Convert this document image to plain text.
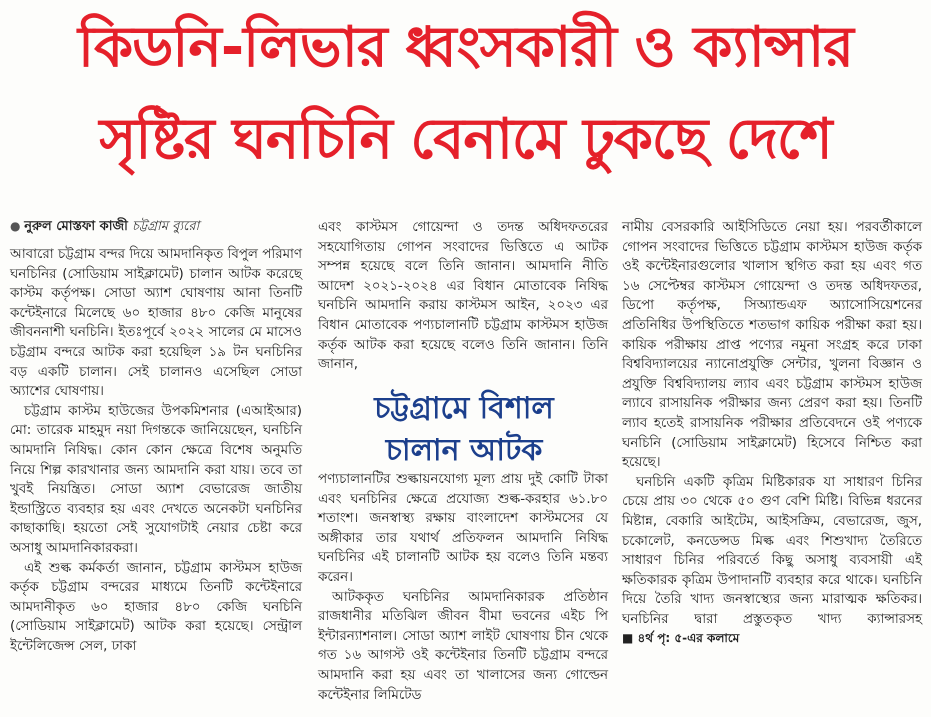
কিডনি-লিভার ধ্বংসকারী ও ক্যান্সার
সৃষ্টির ঘনচিনি বেনামে ঢুকছে দেশে
● নুরুল মোস্তফা কাজী চট্টগ্রাম ব্যুরো

আবারো চট্টগ্রাম বন্দর দিয়ে আমদানিকৃত বিপুল পরিমাণ ঘনচিনির (সোডিয়াম সাইক্লামেট) চালান আটক করেছে কাস্টম কর্তৃপক্ষ। সোডা অ্যাশ ঘোষণায় আনা তিনটি কন্টেইনারে মিলেছে ৬০ হাজার ৪৮০ কেজি মানুষের জীবননাশী ঘনচিনি। ইতঃপূর্বে ২০২২ সালের মে মাসেও চট্টগ্রাম বন্দরে আটক করা হয়েছিল ১৯ টন ঘনচিনির বড় একটি চালান। সেই চালানও এসেছিল সোডা অ্যাশের ঘোষণায়।

চট্টগ্রাম কাস্টম হাউজের উপকমিশনার (এআইআর) মো: তারেক মাহমুদ নয়া দিগন্তকে জানিয়েছেন, ঘনচিনি আমদানি নিষিদ্ধ। কোন কোন ক্ষেত্রে বিশেষ অনুমতি নিয়ে শিল্প কারখানার জন্য আমদানি করা যায়। তবে তা খুবই নিয়ন্ত্রিত। সোডা অ্যাশ বেভারেজ জাতীয় ইন্ডাস্ট্রিতে ব্যবহার হয় এবং দেখতে অনেকটা ঘনচিনির কাছাকাছি। হয়তো সেই সুযোগটাই নেয়ার চেষ্টা করে অসাধু আমদানিকারকরা।

এই শুল্ক কর্মকর্তা জানান, চট্টগ্রাম কাস্টমস হাউজ কর্তৃক চট্টগ্রাম বন্দরের মাধ্যমে তিনটি কন্টেইনারে আমদানীকৃত ৬০ হাজার ৪৮০ কেজি ঘনচিনি (সোডিয়াম সাইক্লামেট) আটক করা হয়েছে। সেন্ট্রাল ইন্টেলিজেন্স সেল, ঢাকা

এবং কাস্টমস গোয়েন্দা ও তদন্ত অধিদফতরের সহযোগিতায় গোপন সংবাদের ভিত্তিতে এ আটক সম্পন্ন হয়েছে বলে তিনি জানান। আমদানি নীতি আদেশ ২০২১-২০২৪ এর বিধান মোতাবেক নিষিদ্ধ ঘনচিনি আমদানি করায় কাস্টমস আইন, ২০২৩ এর বিধান মোতাবেক পণ্যচালানটি চট্টগ্রাম কাস্টমস হাউজ কর্তৃক আটক করা হয়েছে বলেও তিনি জানান। তিনি জানান,

চট্টগ্রামে বিশাল
চালান আটক

পণ্যচালানটির শুল্কায়নযোগ্য মূল্য প্রায় দুই কোটি টাকা এবং ঘনচিনির ক্ষেত্রে প্রযোজ্য শুল্ক-করহার ৬১.৮০ শতাংশ। জনস্বাস্থ্য রক্ষায় বাংলাদেশ কাস্টমসের যে অঙ্গীকার তার যথার্থ প্রতিফলন আমদানি নিষিদ্ধ ঘনচিনির এই চালানটি আটক হয় বলেও তিনি মন্তব্য করেন।

আটককৃত ঘনচিনির আমদানিকারক প্রতিষ্ঠান রাজধানীর মতিঝিল জীবন বীমা ভবনের এইচ পি ইন্টারন্যাশনাল। সোডা অ্যাশ লাইট ঘোষণায় চীন থেকে গত ১৬ আগস্ট ওই কন্টেইনার তিনটি চট্টগ্রাম বন্দরে আমদানি করা হয় এবং তা খালাসের জন্য গোল্ডেন কন্টেইনার লিমিটেড

নামীয় বেসরকারি আইসিডিতে নেয়া হয়। পরবর্তীকালে গোপন সংবাদের ভিত্তিতে চট্টগ্রাম কাস্টমস হাউজ কর্তৃক ওই কন্টেইনারগুলোর খালাস স্থগিত করা হয় এবং গত ১৬ সেপ্টেম্বর কাস্টমস গোয়েন্দা ও তদন্ত অধিদফতর, ডিপো কর্তৃপক্ষ, সিঅ্যান্ডএফ অ্যাসোসিয়েশনের প্রতিনিধির উপস্থিতিতে শতভাগ কায়িক পরীক্ষা করা হয়। কায়িক পরীক্ষায় প্রাপ্ত পণ্যের নমুনা সংগ্রহ করে ঢাকা বিশ্ববিদ্যালয়ের ন্যানোপ্রযুক্তি সেন্টার, খুলনা বিজ্ঞান ও প্রযুক্তি বিশ্ববিদ্যালয় ল্যাব এবং চট্টগ্রাম কাস্টমস হাউজ ল্যাবে রাসায়নিক পরীক্ষার জন্য প্রেরণ করা হয়। তিনটি ল্যাব হতেই রাসায়নিক পরীক্ষার প্রতিবেদনে ওই পণ্যকে ঘনচিনি (সোডিয়াম সাইক্লামেট) হিসেবে নিশ্চিত করা হয়েছে।

ঘনচিনি একটি কৃত্রিম মিষ্টিকারক যা সাধারণ চিনির চেয়ে প্রায় ৩০ থেকে ৫০ গুণ বেশি মিষ্টি। বিভিন্ন ধরনের মিষ্টান্ন, বেকারি আইটেম, আইসক্রিম, বেভারেজ, জুস, চকোলেট, কনডেন্সড মিল্ক এবং শিশুখাদ্য তৈরিতে সাধারণ চিনির পরিবর্তে কিছু অসাধু ব্যবসায়ী এই ক্ষতিকারক কৃত্রিম উপাদানটি ব্যবহার করে থাকে। ঘনচিনি দিয়ে তৈরি খাদ্য জনস্বাস্থ্যের জন্য মারাত্মক ক্ষতিকর। ঘনচিনির দ্বারা প্রস্তুতকৃত খাদ্য ক্যান্সারসহ ■ ৪র্থ পৃ: ৫-এর কলামে
